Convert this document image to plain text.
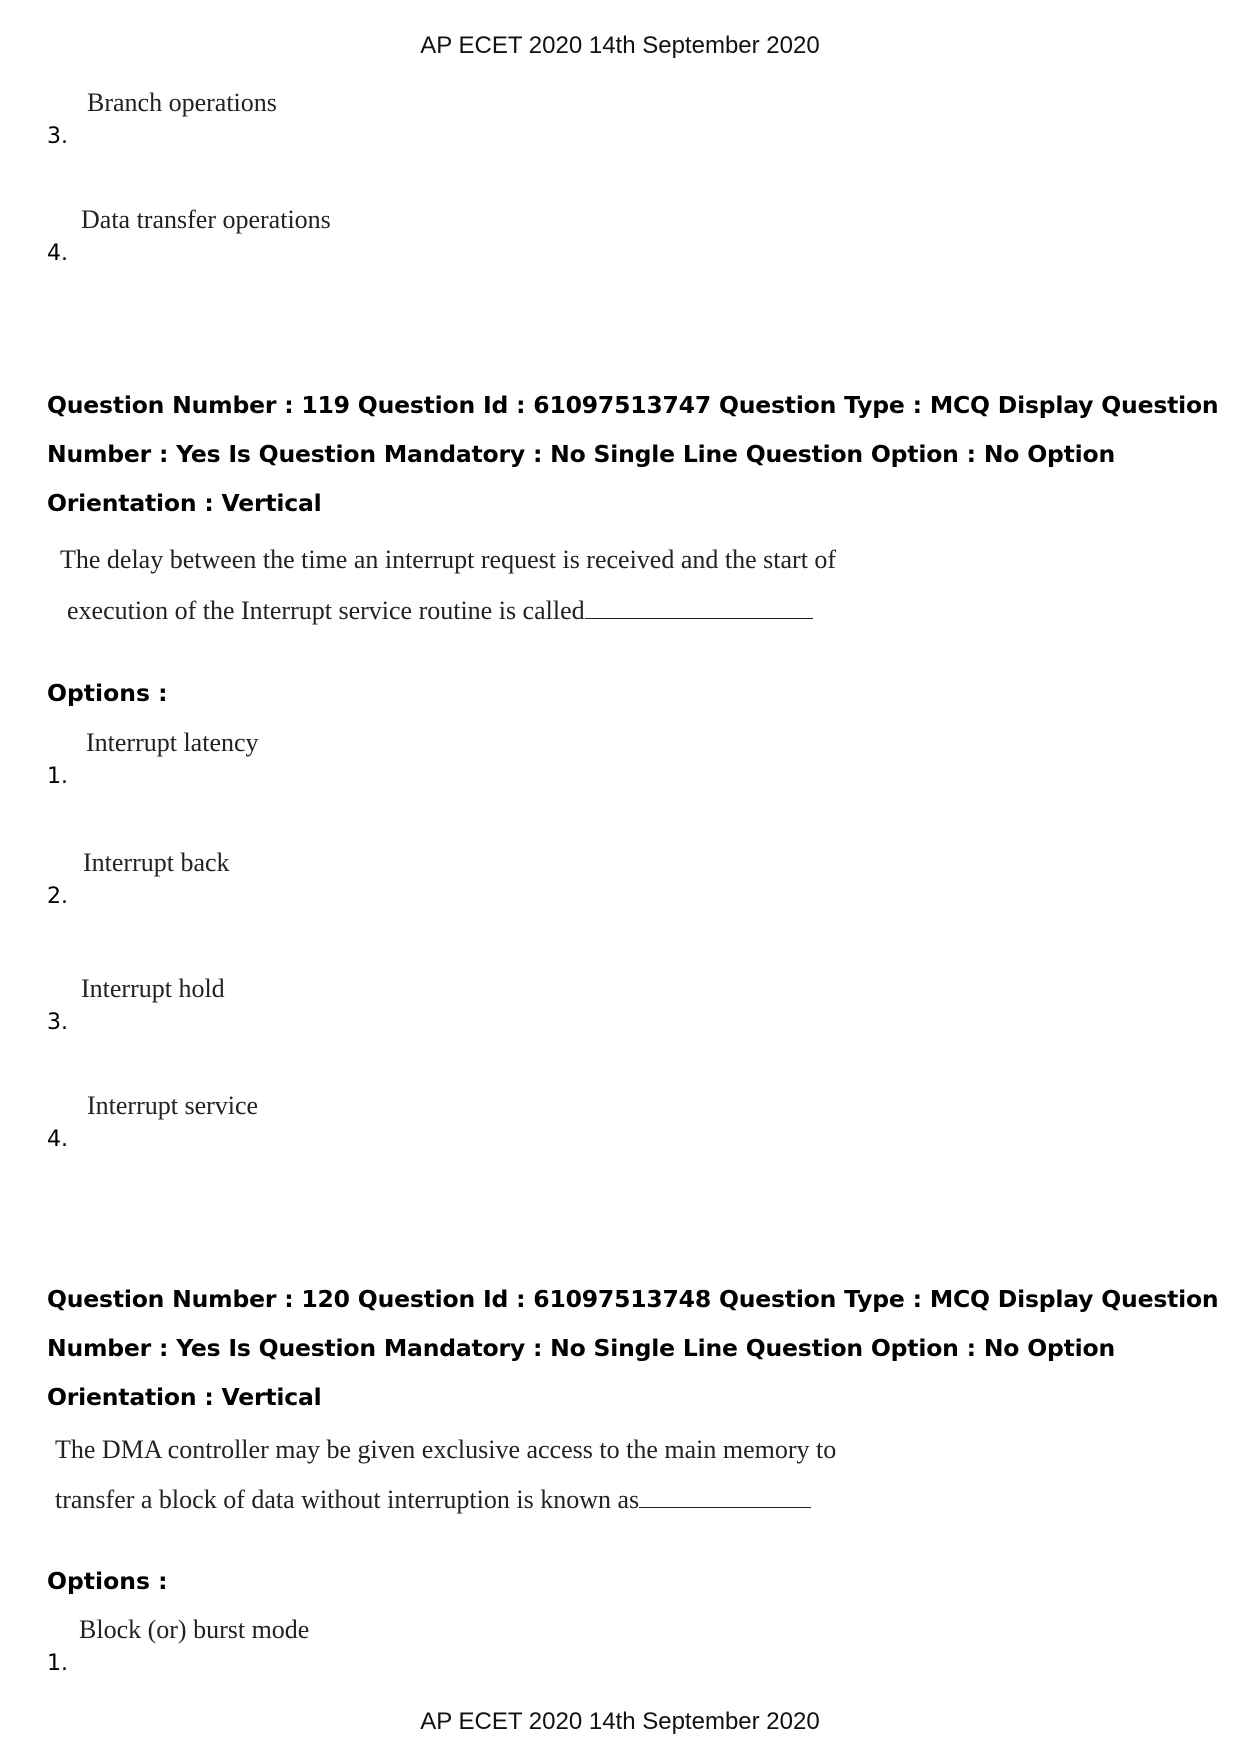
AP ECET 2020 14th September 2020
3.
Branch operations
4.
Data transfer operations
Question Number : 119 Question Id : 61097513747 Question Type : MCQ Display Question
Number : Yes Is Question Mandatory : No Single Line Question Option : No Option
Orientation : Vertical
The delay between the time an interrupt request is received and the start of
execution of the Interrupt service routine is called
Options :
1.
Interrupt latency
2.
Interrupt back
3.
Interrupt hold
4.
Interrupt service
Question Number : 120 Question Id : 61097513748 Question Type : MCQ Display Question
Number : Yes Is Question Mandatory : No Single Line Question Option : No Option
Orientation : Vertical
The DMA controller may be given exclusive access to the main memory to
transfer a block of data without interruption is known as
Options :
1.
Block (or) burst mode
AP ECET 2020 14th September 2020
